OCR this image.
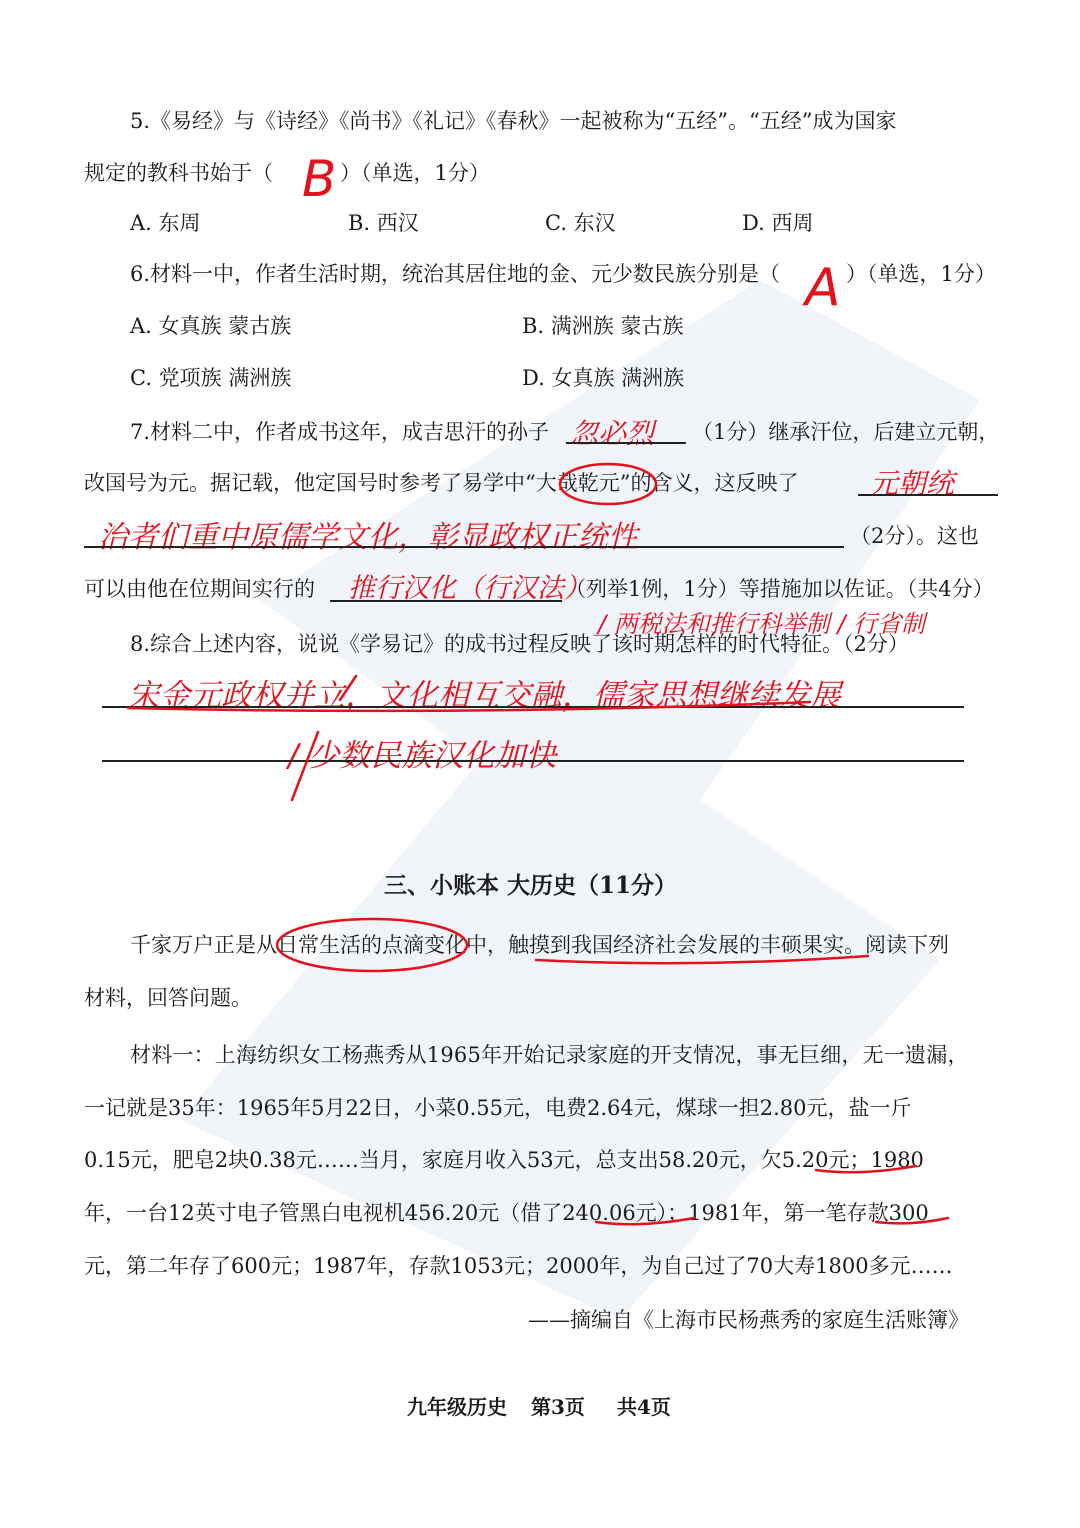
5.《易经》与《诗经》《尚书》《礼记》《春秋》一起被称为“五经”。“五经”成为国家
规定的教科书始于（ B ）（单选，1分）
A. 东周	B. 西汉	C. 东汉	D. 西周
6.材料一中，作者生活时期，统治其居住地的金、元少数民族分别是（ A ）（单选，1分）
A. 女真族 蒙古族	B. 满洲族 蒙古族
C. 党项族 满洲族	D. 女真族 满洲族
7.材料二中，作者成书这年，成吉思汗的孙子 忽必烈 （1分）继承汗位，后建立元朝，
改国号为元。据记载，他定国号时参考了易学中“大哉乾元”的含义，这反映了	元朝统
治者们重中原儒学文化，彰显政权正统性	（2分）。这也
可以由他在位期间实行的 推行汉化（行汉法）
（列举1例，1分）等措施加以佐证。（共4分）
/ 两税法和推行科举制 / 行省制
8.综合上述内容，说说《学易记》的成书过程反映了该时期怎样的时代特征。（2分）
宋金元政权并立，文化相互交融，儒家思想继续发展
/ 少数民族汉化加快
三、小账本 大历史（11分）
千家万户正是从日常生活的点滴变化中，触摸到我国经济社会发展的丰硕果实。阅读下列
材料，回答问题。
材料一：上海纺织女工杨燕秀从1965年开始记录家庭的开支情况，事无巨细，无一遗漏，
一记就是35年：1965年5月22日，小菜0.55元，电费2.64元，煤球一担2.80元，盐一斤
0.15元，肥皂2块0.38元……当月，家庭月收入53元，总支出58.20元，欠5.20元；1980
年，一台12英寸电子管黑白电视机456.20元（借了240.06元）；1981年，第一笔存款300
元，第二年存了600元；1987年，存款1053元；2000年，为自己过了70大寿1800多元……
——摘编自《上海市民杨燕秀的家庭生活账簿》
九年级历史 第3页 共4页
